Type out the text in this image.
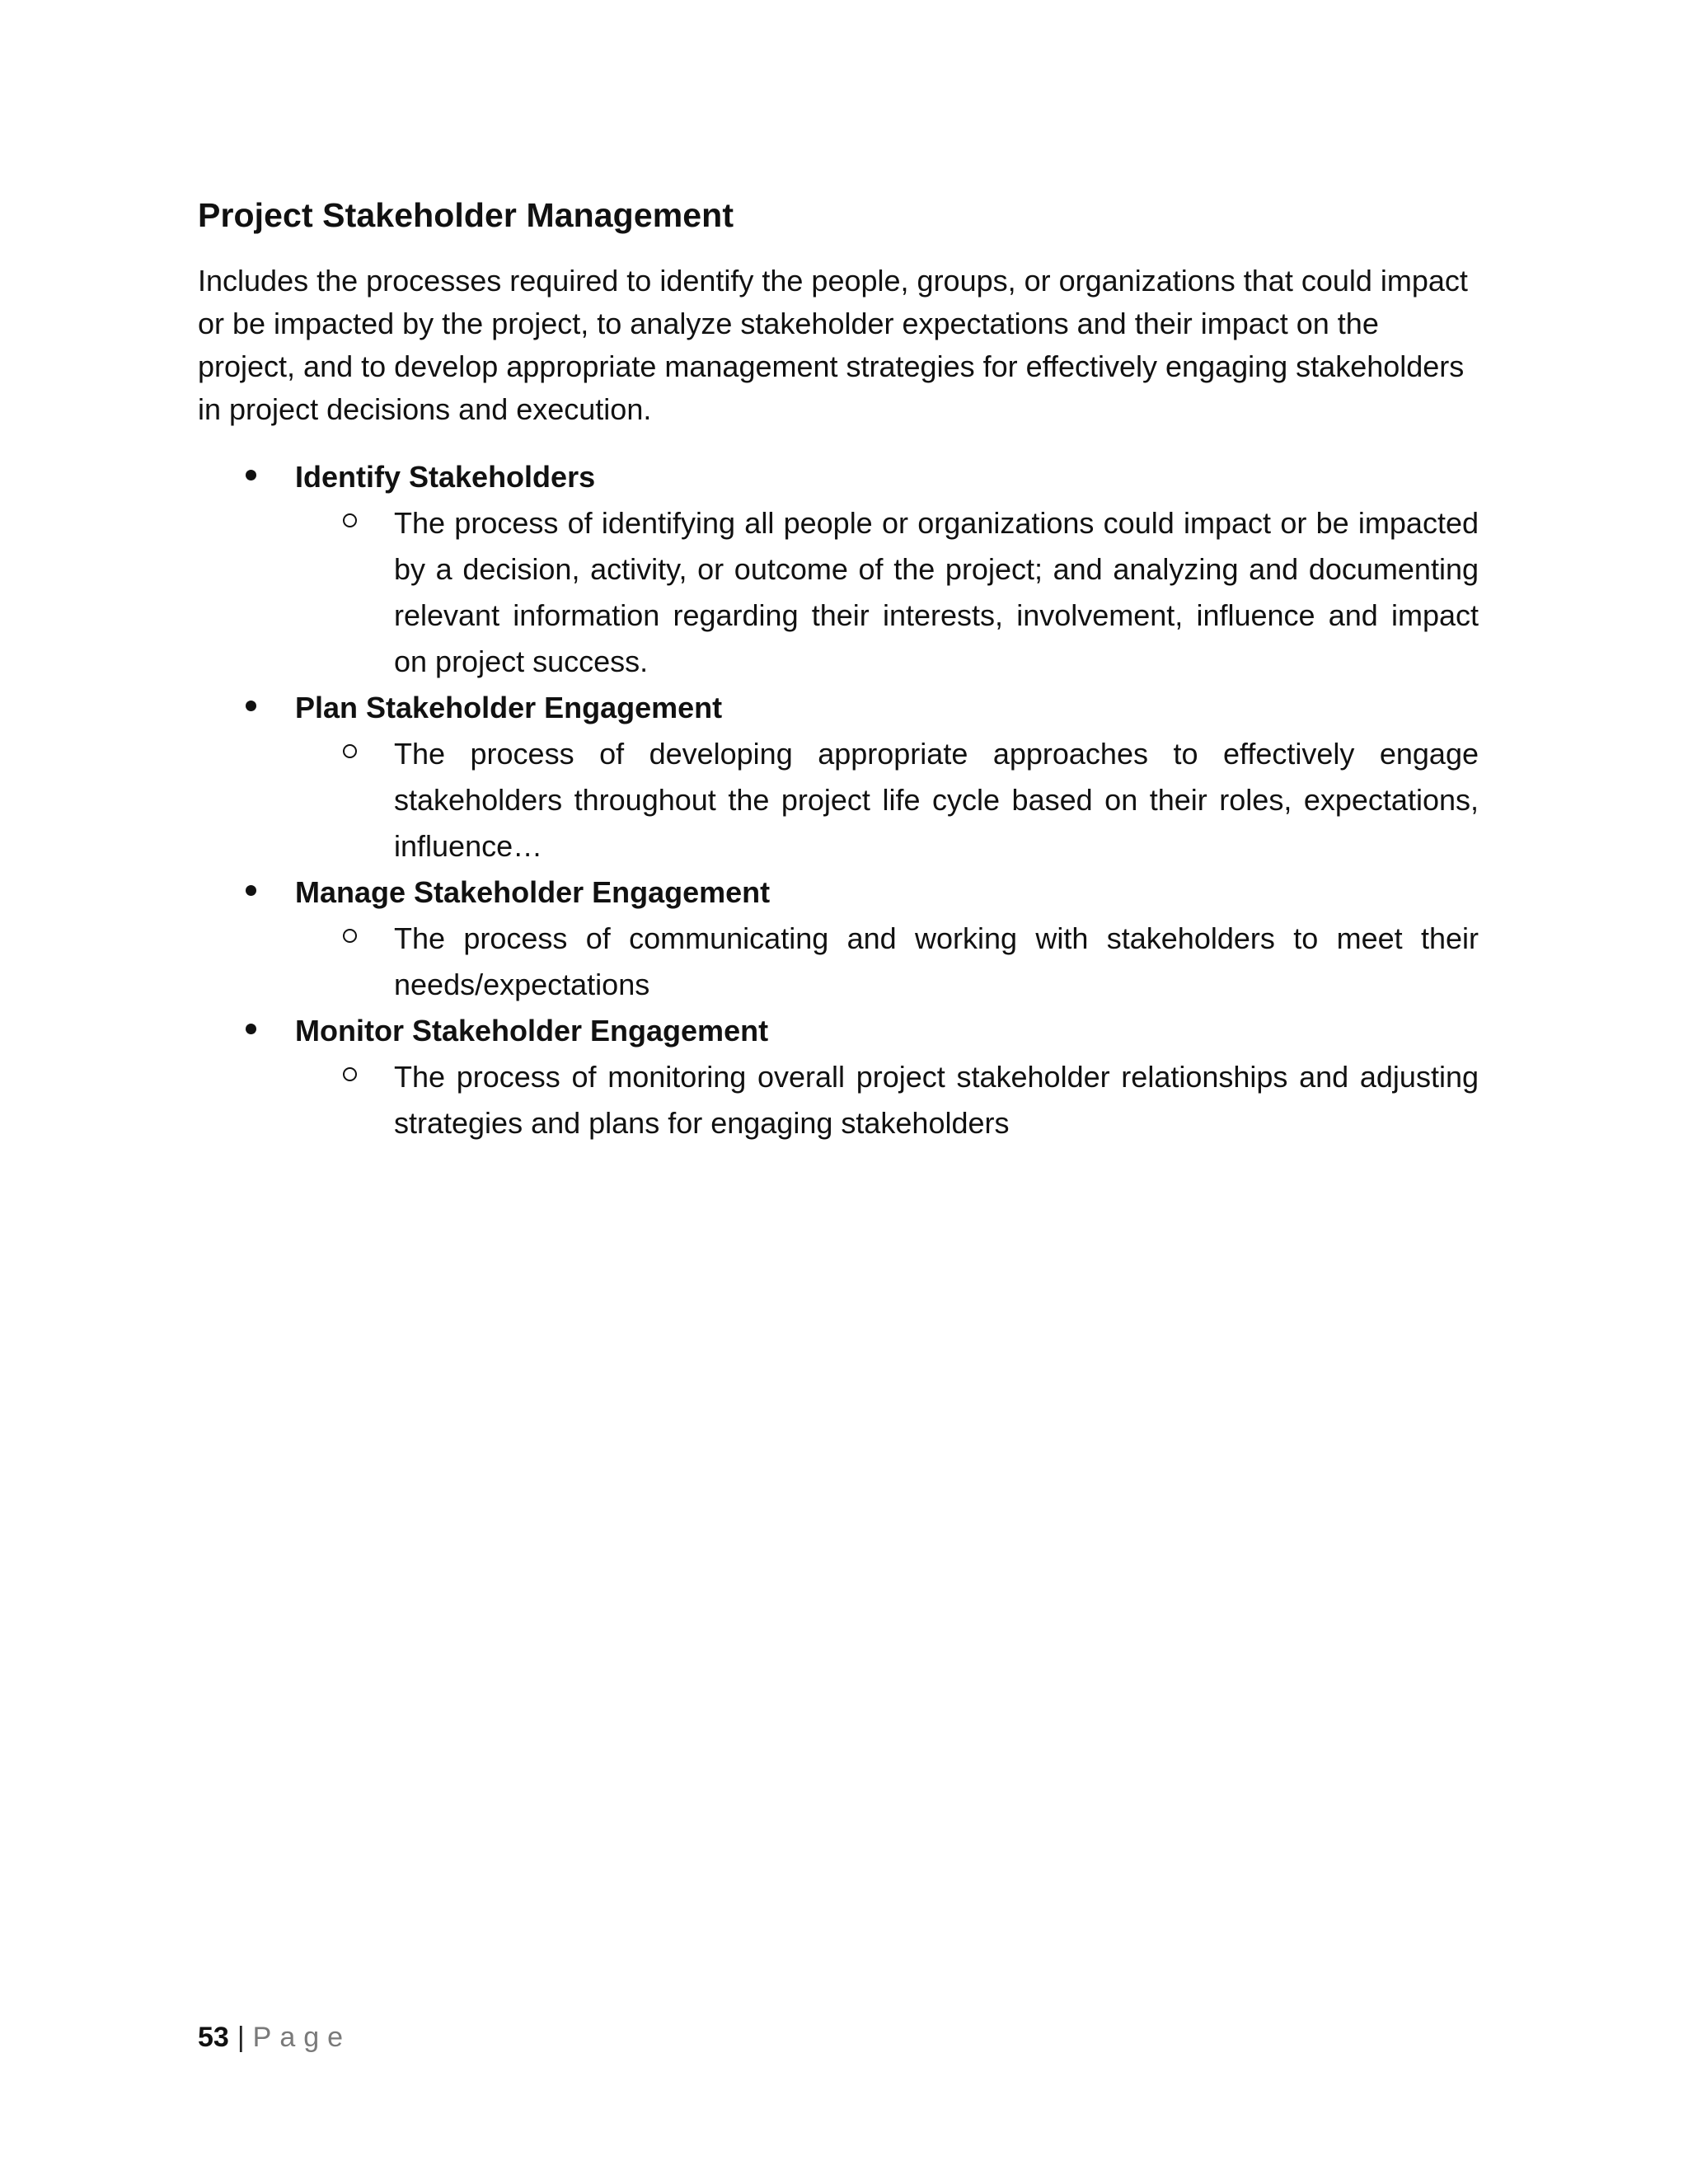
Project Stakeholder Management

Includes the processes required to identify the people, groups, or organizations that could impact or be impacted by the project, to analyze stakeholder expectations and their impact on the project, and to develop appropriate management strategies for effectively engaging stakeholders in project decisions and execution.

Identify Stakeholders
The process of identifying all people or organizations could impact or be impacted by a decision, activity, or outcome of the project; and analyzing and documenting relevant information regarding their interests, involvement, influence and impact on project success.
Plan Stakeholder Engagement
The process of developing appropriate approaches to effectively engage stakeholders throughout the project life cycle based on their roles, expectations, influence…
Manage Stakeholder Engagement
The process of communicating and working with stakeholders to meet their needs/expectations
Monitor Stakeholder Engagement
The process of monitoring overall project stakeholder relationships and adjusting strategies and plans for engaging stakeholders
53 | Page
